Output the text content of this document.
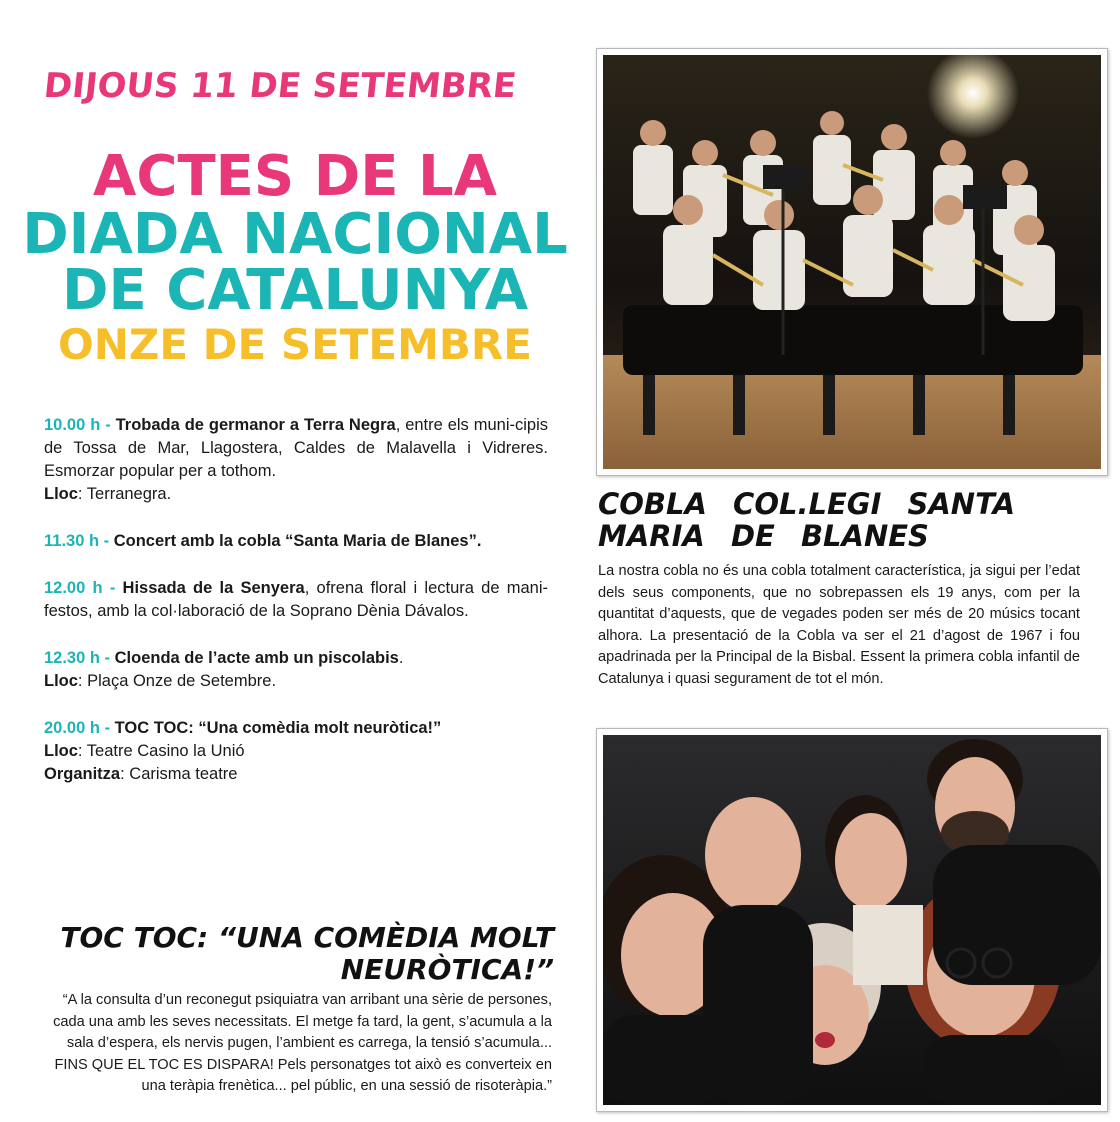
DIJOUS 11 DE SETEMBRE
ACTES DE LA
DIADA NACIONAL
DE CATALUNYA
ONZE DE SETEMBRE
10.00 h - Trobada de germanor a Terra Negra, entre els muni-cipis de Tossa de Mar, Llagostera, Caldes de Malavella i Vidreres. Esmorzar popular per a tothom.
Lloc: Terranegra.
11.30 h - Concert amb la cobla “Santa Maria de Blanes”.
12.00 h - Hissada de la Senyera, ofrena floral i lectura de mani-festos, amb la col·laboració de la Soprano Dènia Dávalos.
12.30 h - Cloenda de l’acte amb un piscolabis.
Lloc: Plaça Onze de Setembre.
20.00 h - TOC TOC: “Una comèdia molt neuròtica!”
Lloc: Teatre Casino la Unió
Organitza: Carisma teatre
COBLA COL.LEGI SANTA MARIA DE BLANES
La nostra cobla no és una cobla totalment característica, ja sigui per l’edat dels seus components, que no sobrepassen els 19 anys, com per la quantitat d’aquests, que de vegades poden ser més de 20 músics tocant alhora. La presentació de la Cobla va ser el 21 d’agost de 1967 i fou apadrinada per la Principal de la Bisbal. Essent la primera cobla infantil de Catalunya i quasi segurament de tot el món.
TOC TOC: “UNA COMÈDIA MOLT NEURÒTICA!”
“A la consulta d’un reconegut psiquiatra van arribant una sèrie de persones, cada una amb les seves necessitats. El metge fa tard, la gent, s’acumula a la sala d’espera, els nervis pugen, l’ambient es carrega, la tensió s’acumula... FINS QUE EL TOC ES DISPARA! Pels personatges tot això es converteix en una teràpia frenètica... pel públic, en una sessió de risoteràpia.”
